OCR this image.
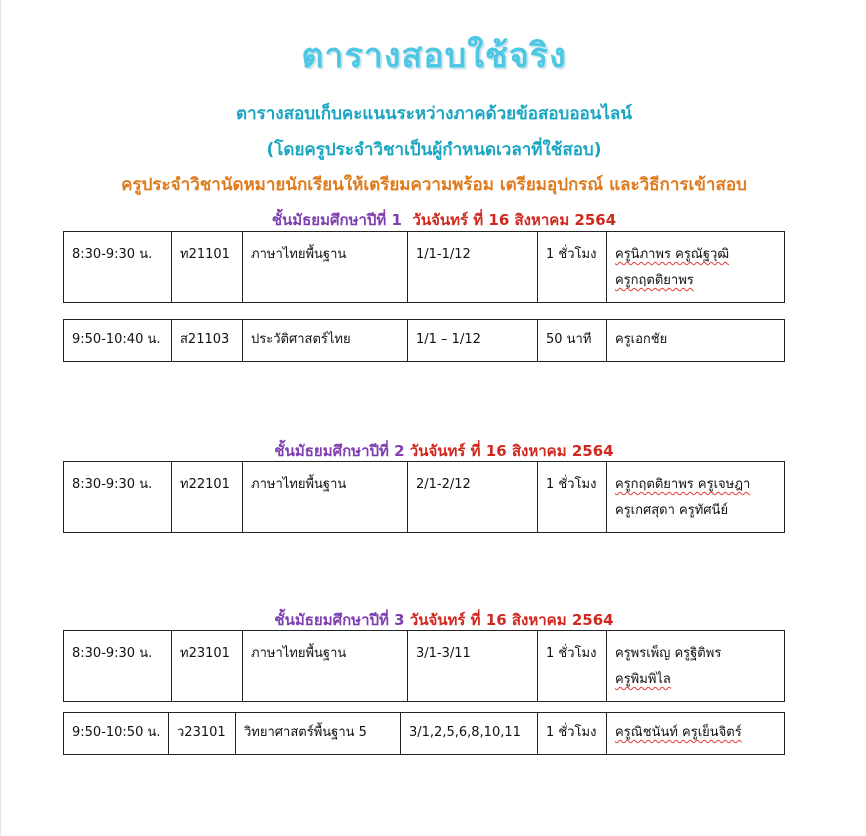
ตารางสอบใช้จริง
ตารางสอบเก็บคะแนนระหว่างภาคด้วยข้อสอบออนไลน์
(โดยครูประจำวิชาเป็นผู้กำหนดเวลาที่ใช้สอบ)
ครูประจำวิชานัดหมายนักเรียนให้เตรียมความพร้อม เตรียมอุปกรณ์ และวิธีการเข้าสอบ
ชั้นมัธยมศึกษาปีที่ 1 วันจันทร์ ที่ 16 สิงหาคม 2564
8:30-9:30 น.	ท21101	ภาษาไทยพื้นฐาน	1/1-1/12	1 ชั่วโมง	ครูนิภาพร ครูณัฐวุฒิ
ครูกฤตติยาพร
9:50-10:40 น.	ส21103	ประวัติศาสตร์ไทย	1/1 – 1/12	50 นาที	ครูเอกชัย
ชั้นมัธยมศึกษาปีที่ 2 วันจันทร์ ที่ 16 สิงหาคม 2564
8:30-9:30 น.	ท22101	ภาษาไทยพื้นฐาน	2/1-2/12	1 ชั่วโมง	ครูกฤตติยาพร ครูเจษฎา
ครูเกศสุดา ครูทัศนีย์
ชั้นมัธยมศึกษาปีที่ 3 วันจันทร์ ที่ 16 สิงหาคม 2564
8:30-9:30 น.	ท23101	ภาษาไทยพื้นฐาน	3/1-3/11	1 ชั่วโมง	ครูพรเพ็ญ ครูฐิติพร
ครูพิมพิไล
9:50-10:50 น.	ว23101	วิทยาศาสตร์พื้นฐาน 5	3/1,2,5,6,8,10,11	1 ชั่วโมง	ครูณิชนันท์ ครูเย็นจิตร์
